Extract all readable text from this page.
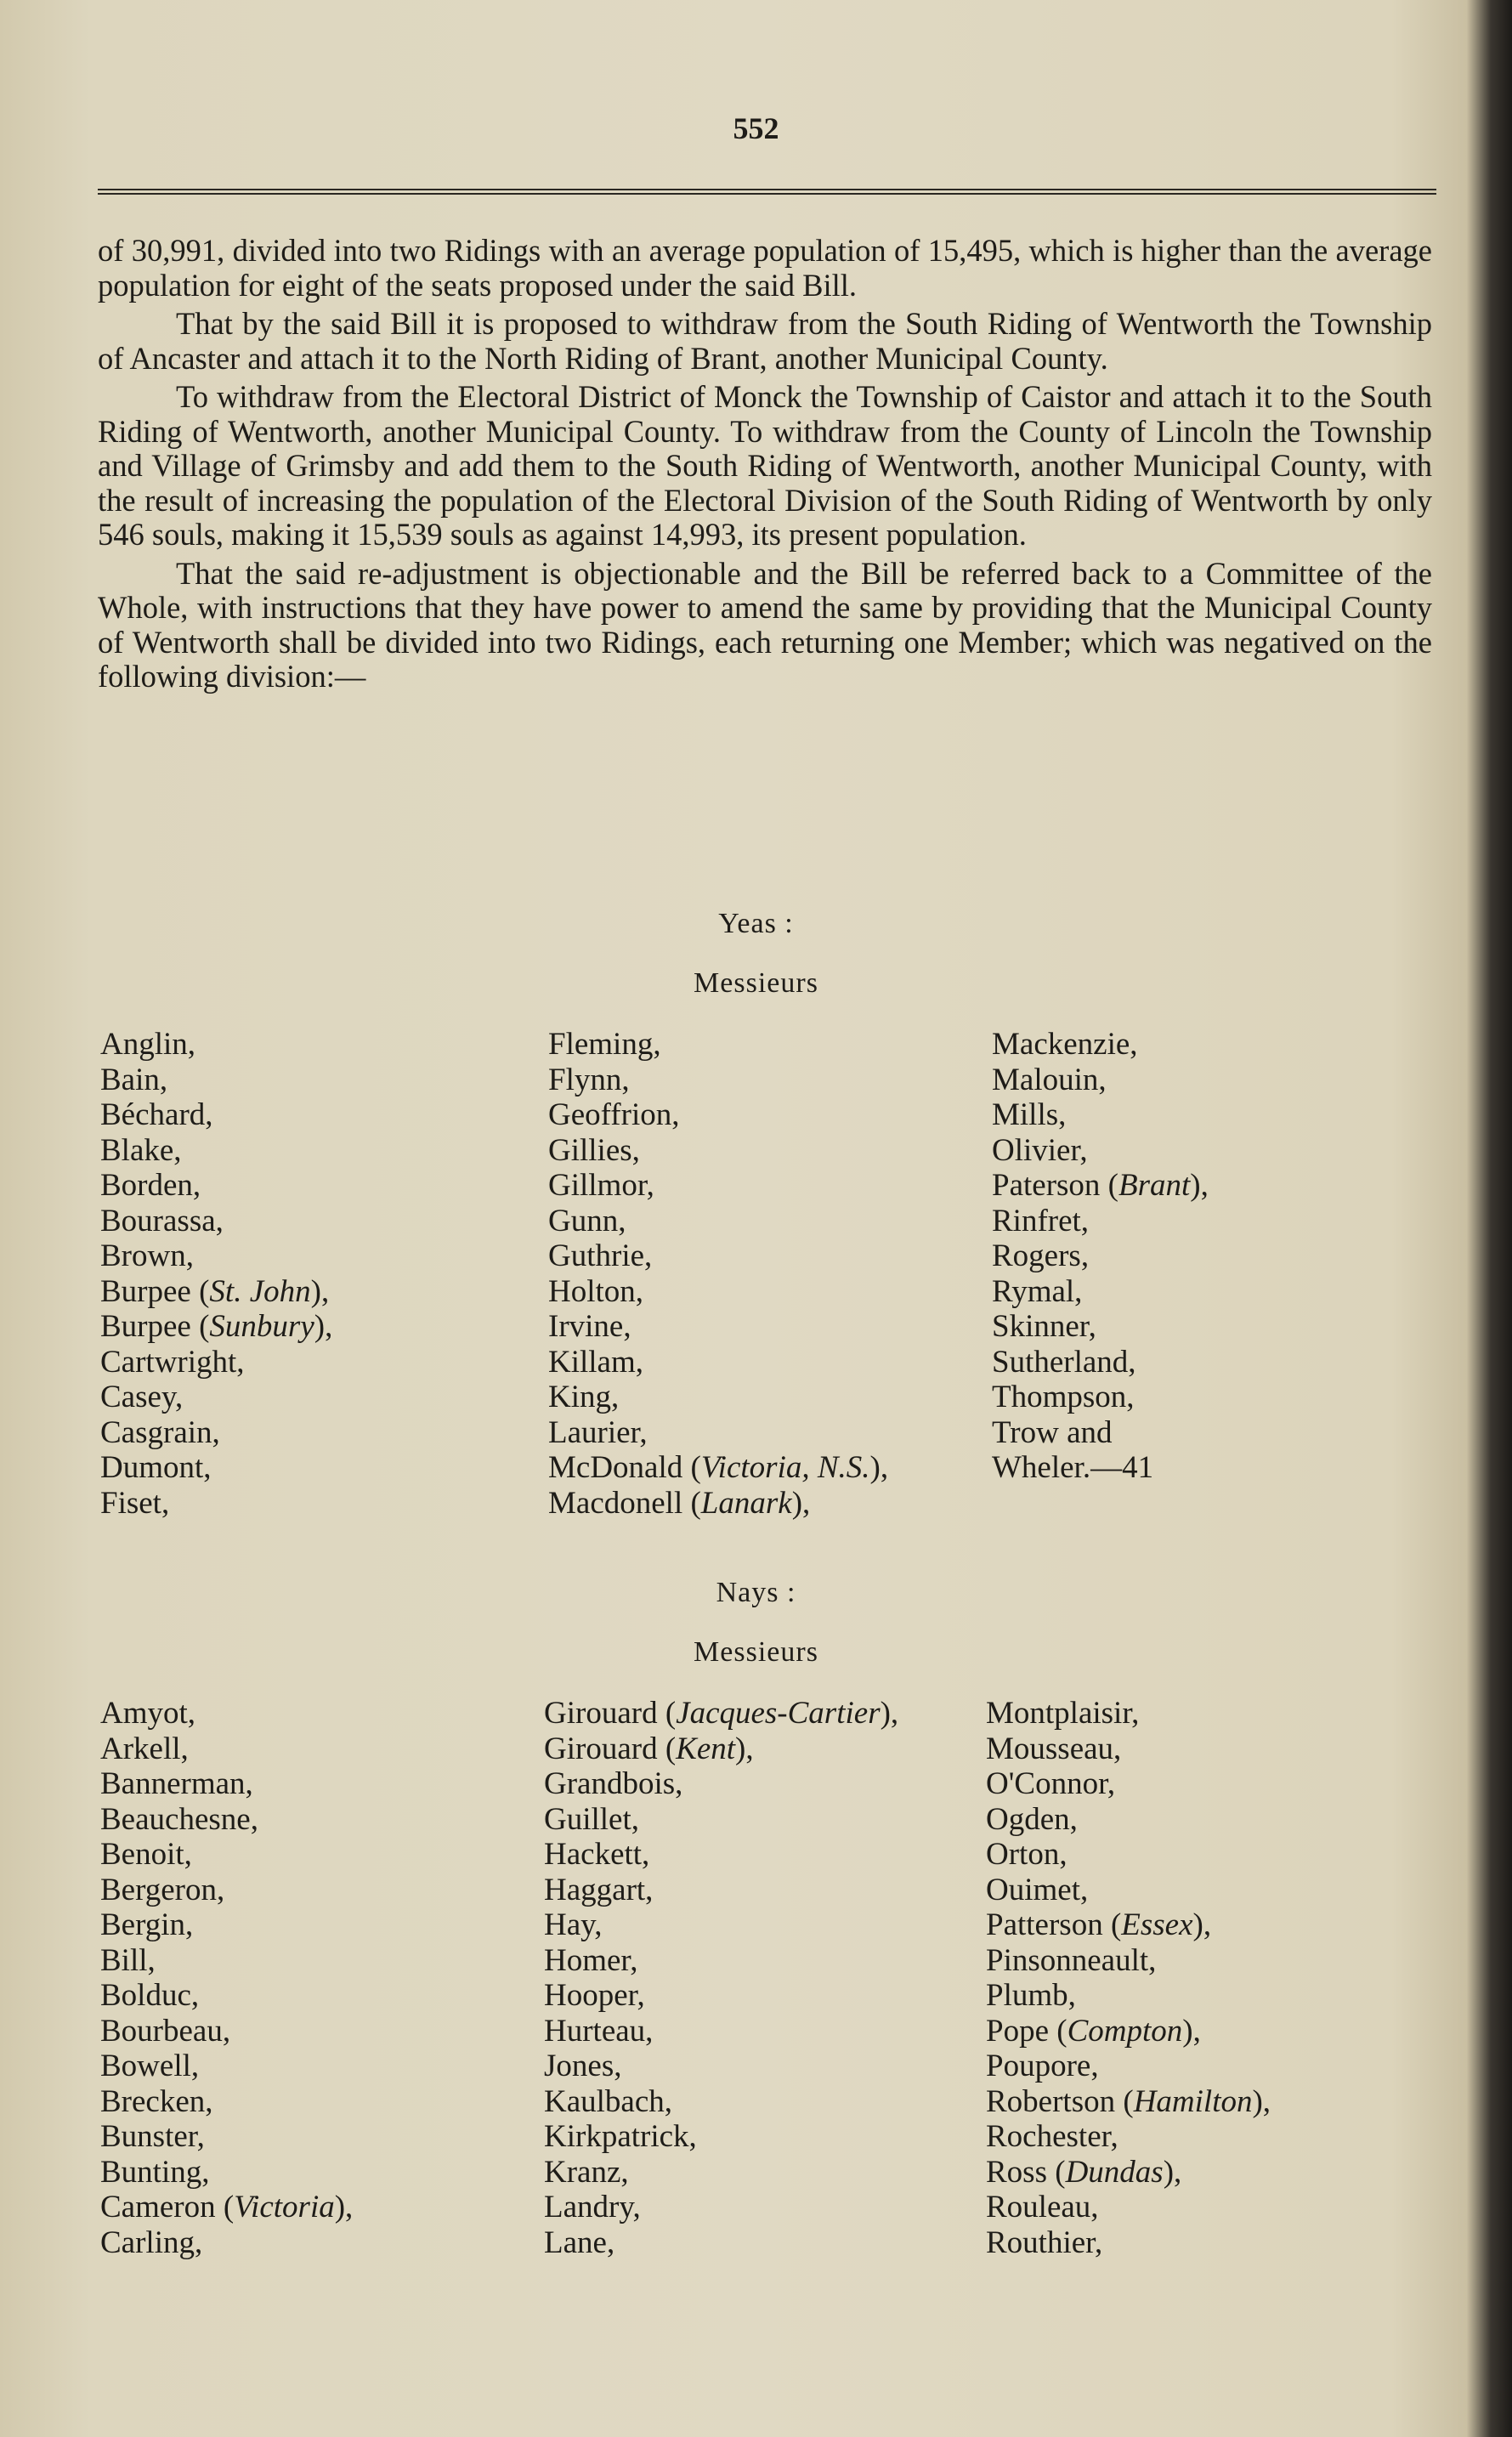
552

of 30,991, divided into two Ridings with an average population of 15,495, which is higher than the average population for eight of the seats proposed under the said Bill.

That by the said Bill it is proposed to withdraw from the South Riding of Wentworth the Township of Ancaster and attach it to the North Riding of Brant, another Municipal County.

To withdraw from the Electoral District of Monck the Township of Caistor and attach it to the South Riding of Wentworth, another Municipal County. To withdraw from the County of Lincoln the Township and Village of Grimsby and add them to the South Riding of Wentworth, another Municipal County, with the result of increasing the population of the Electoral Division of the South Riding of Wentworth by only 546 souls, making it 15,539 souls as against 14,993, its present population.

That the said re-adjustment is objectionable and the Bill be referred back to a Committee of the Whole, with instructions that they have power to amend the same by providing that the Municipal County of Wentworth shall be divided into two Ridings, each returning one Member; which was negatived on the following division:—

Yeas :
Messieurs
Anglin,
Bain,
Béchard,
Blake,
Borden,
Bourassa,
Brown,
Burpee (St. John),
Burpee (Sunbury),
Cartwright,
Casey,
Casgrain,
Dumont,
Fiset,
Fleming,
Flynn,
Geoffrion,
Gillies,
Gillmor,
Gunn,
Guthrie,
Holton,
Irvine,
Killam,
King,
Laurier,
McDonald (Victoria, N.S.),
Macdonell (Lanark),
Mackenzie,
Malouin,
Mills,
Olivier,
Paterson (Brant),
Rinfret,
Rogers,
Rymal,
Skinner,
Sutherland,
Thompson,
Trow and
Wheler.—41
Nays :
Messieurs
Amyot,
Arkell,
Bannerman,
Beauchesne,
Benoit,
Bergeron,
Bergin,
Bill,
Bolduc,
Bourbeau,
Bowell,
Brecken,
Bunster,
Bunting,
Cameron (Victoria),
Carling,
Girouard (Jacques-Cartier),
Girouard (Kent),
Grandbois,
Guillet,
Hackett,
Haggart,
Hay,
Homer,
Hooper,
Hurteau,
Jones,
Kaulbach,
Kirkpatrick,
Kranz,
Landry,
Lane,
Montplaisir,
Mousseau,
O'Connor,
Ogden,
Orton,
Ouimet,
Patterson (Essex),
Pinsonneault,
Plumb,
Pope (Compton),
Poupore,
Robertson (Hamilton),
Rochester,
Ross (Dundas),
Rouleau,
Routhier,
